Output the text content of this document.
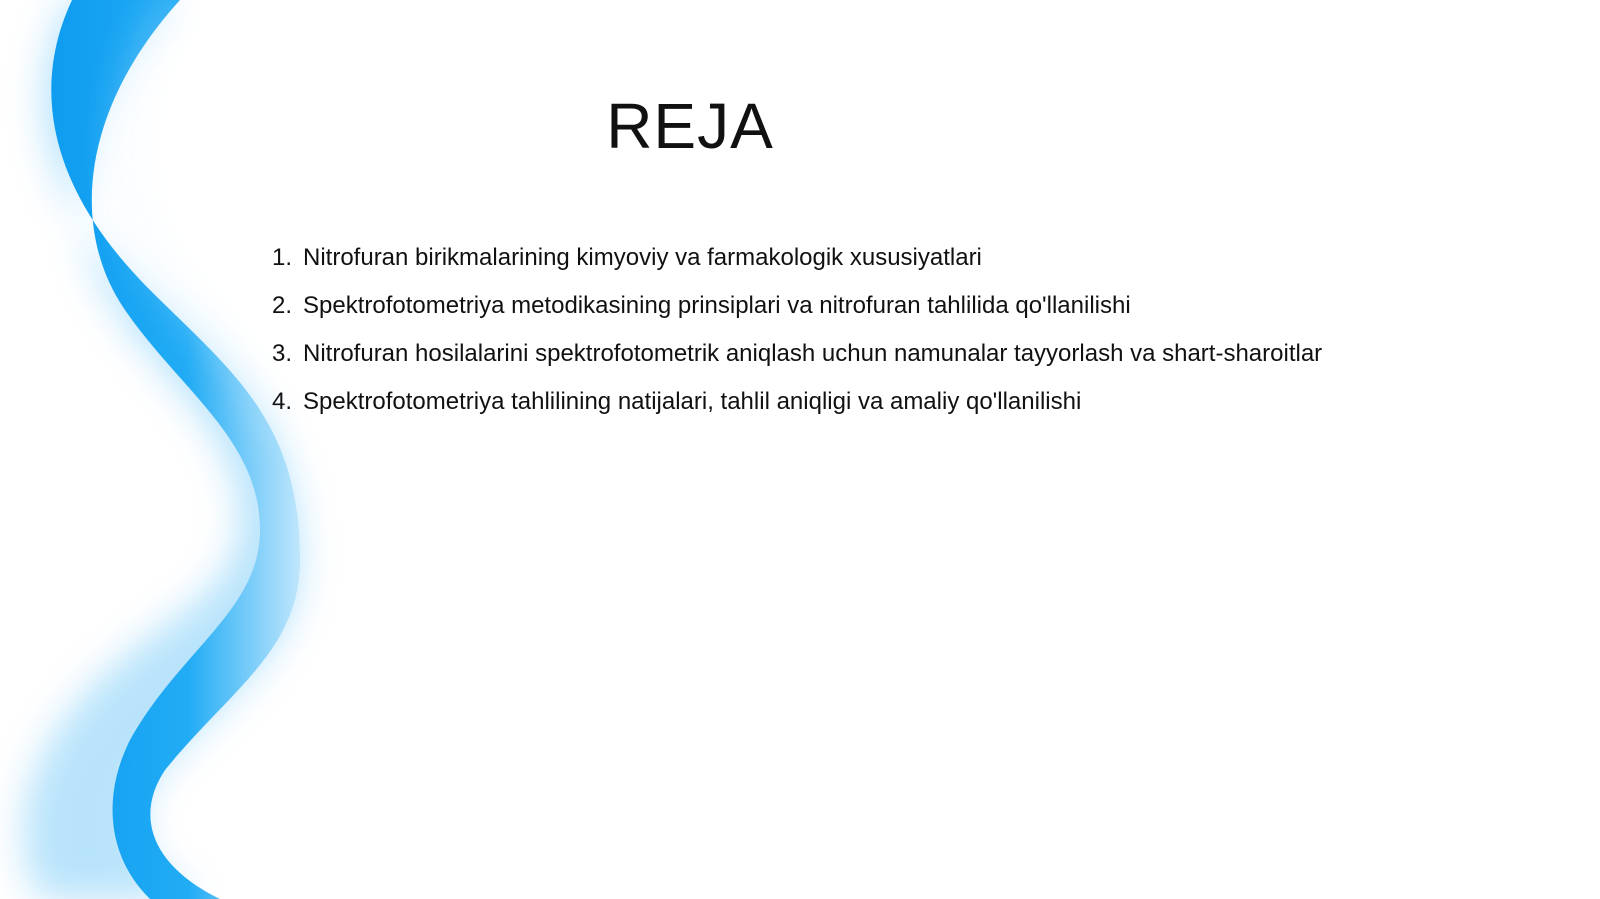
REJA
1. Nitrofuran birikmalarining kimyoviy va farmakologik xususiyatlari
2. Spektrofotometriya metodikasining prinsiplari va nitrofuran tahlilida qo'llanilishi
3. Nitrofuran hosilalarini spektrofotometrik aniqlash uchun namunalar tayyorlash va shart-sharoitlar
4. Spektrofotometriya tahlilining natijalari, tahlil aniqligi va amaliy qo'llanilishi
